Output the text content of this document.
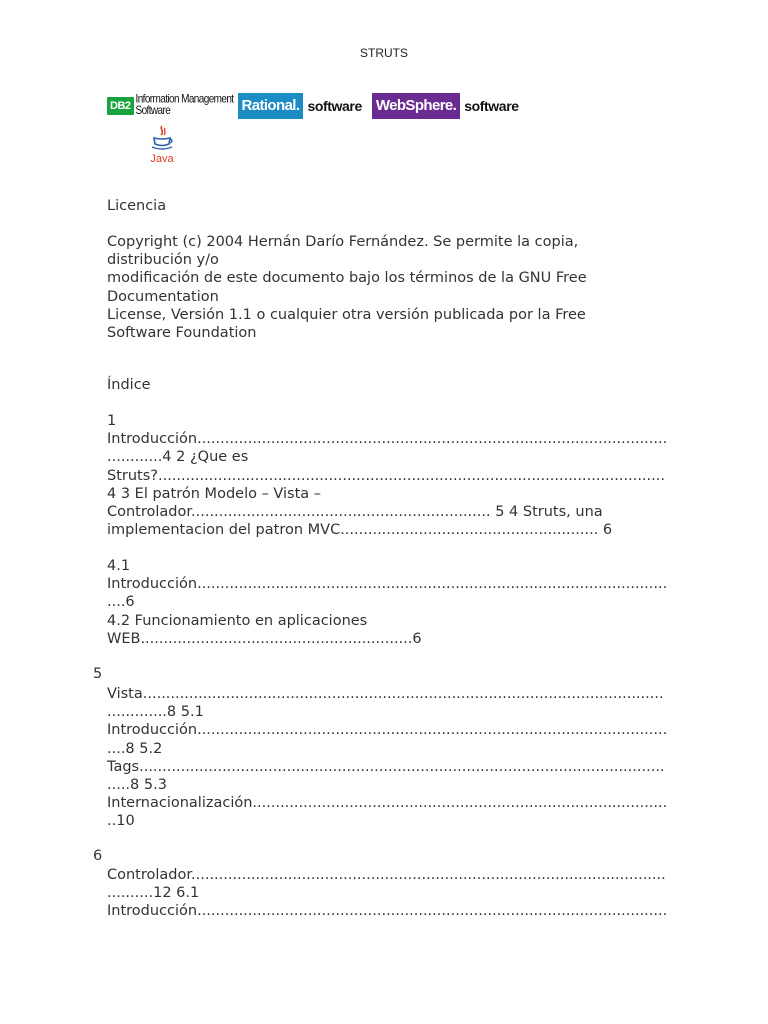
STRUTS
DB2 Information Management
Software	Rational. software WebSphere. software
Java
Licencia
Copyright (c) 2004 Hernán Darío Fernández. Se permite la copia,
distribución y/o
modificación de este documento bajo los términos de la GNU Free
Documentation
License, Versión 1.1 o cualquier otra versión publicada por la Free
Software Foundation
Índice
1
Introducción......................................................................................................
............4 2 ¿Que es
Struts?..............................................................................................................
4 3 El patrón Modelo – Vista –
Controlador................................................................. 5 4 Struts, una
implementacion del patron MVC........................................................ 6
4.1
Introducción......................................................................................................
....6
4.2 Funcionamiento en aplicaciones
WEB...........................................................6
5
Vista.................................................................................................................
.............8 5.1
Introducción......................................................................................................
....8 5.2
Tags..................................................................................................................
.....8 5.3
Internacionalización..........................................................................................
..10
6
Controlador.......................................................................................................
..........12 6.1
Introducción......................................................................................................
